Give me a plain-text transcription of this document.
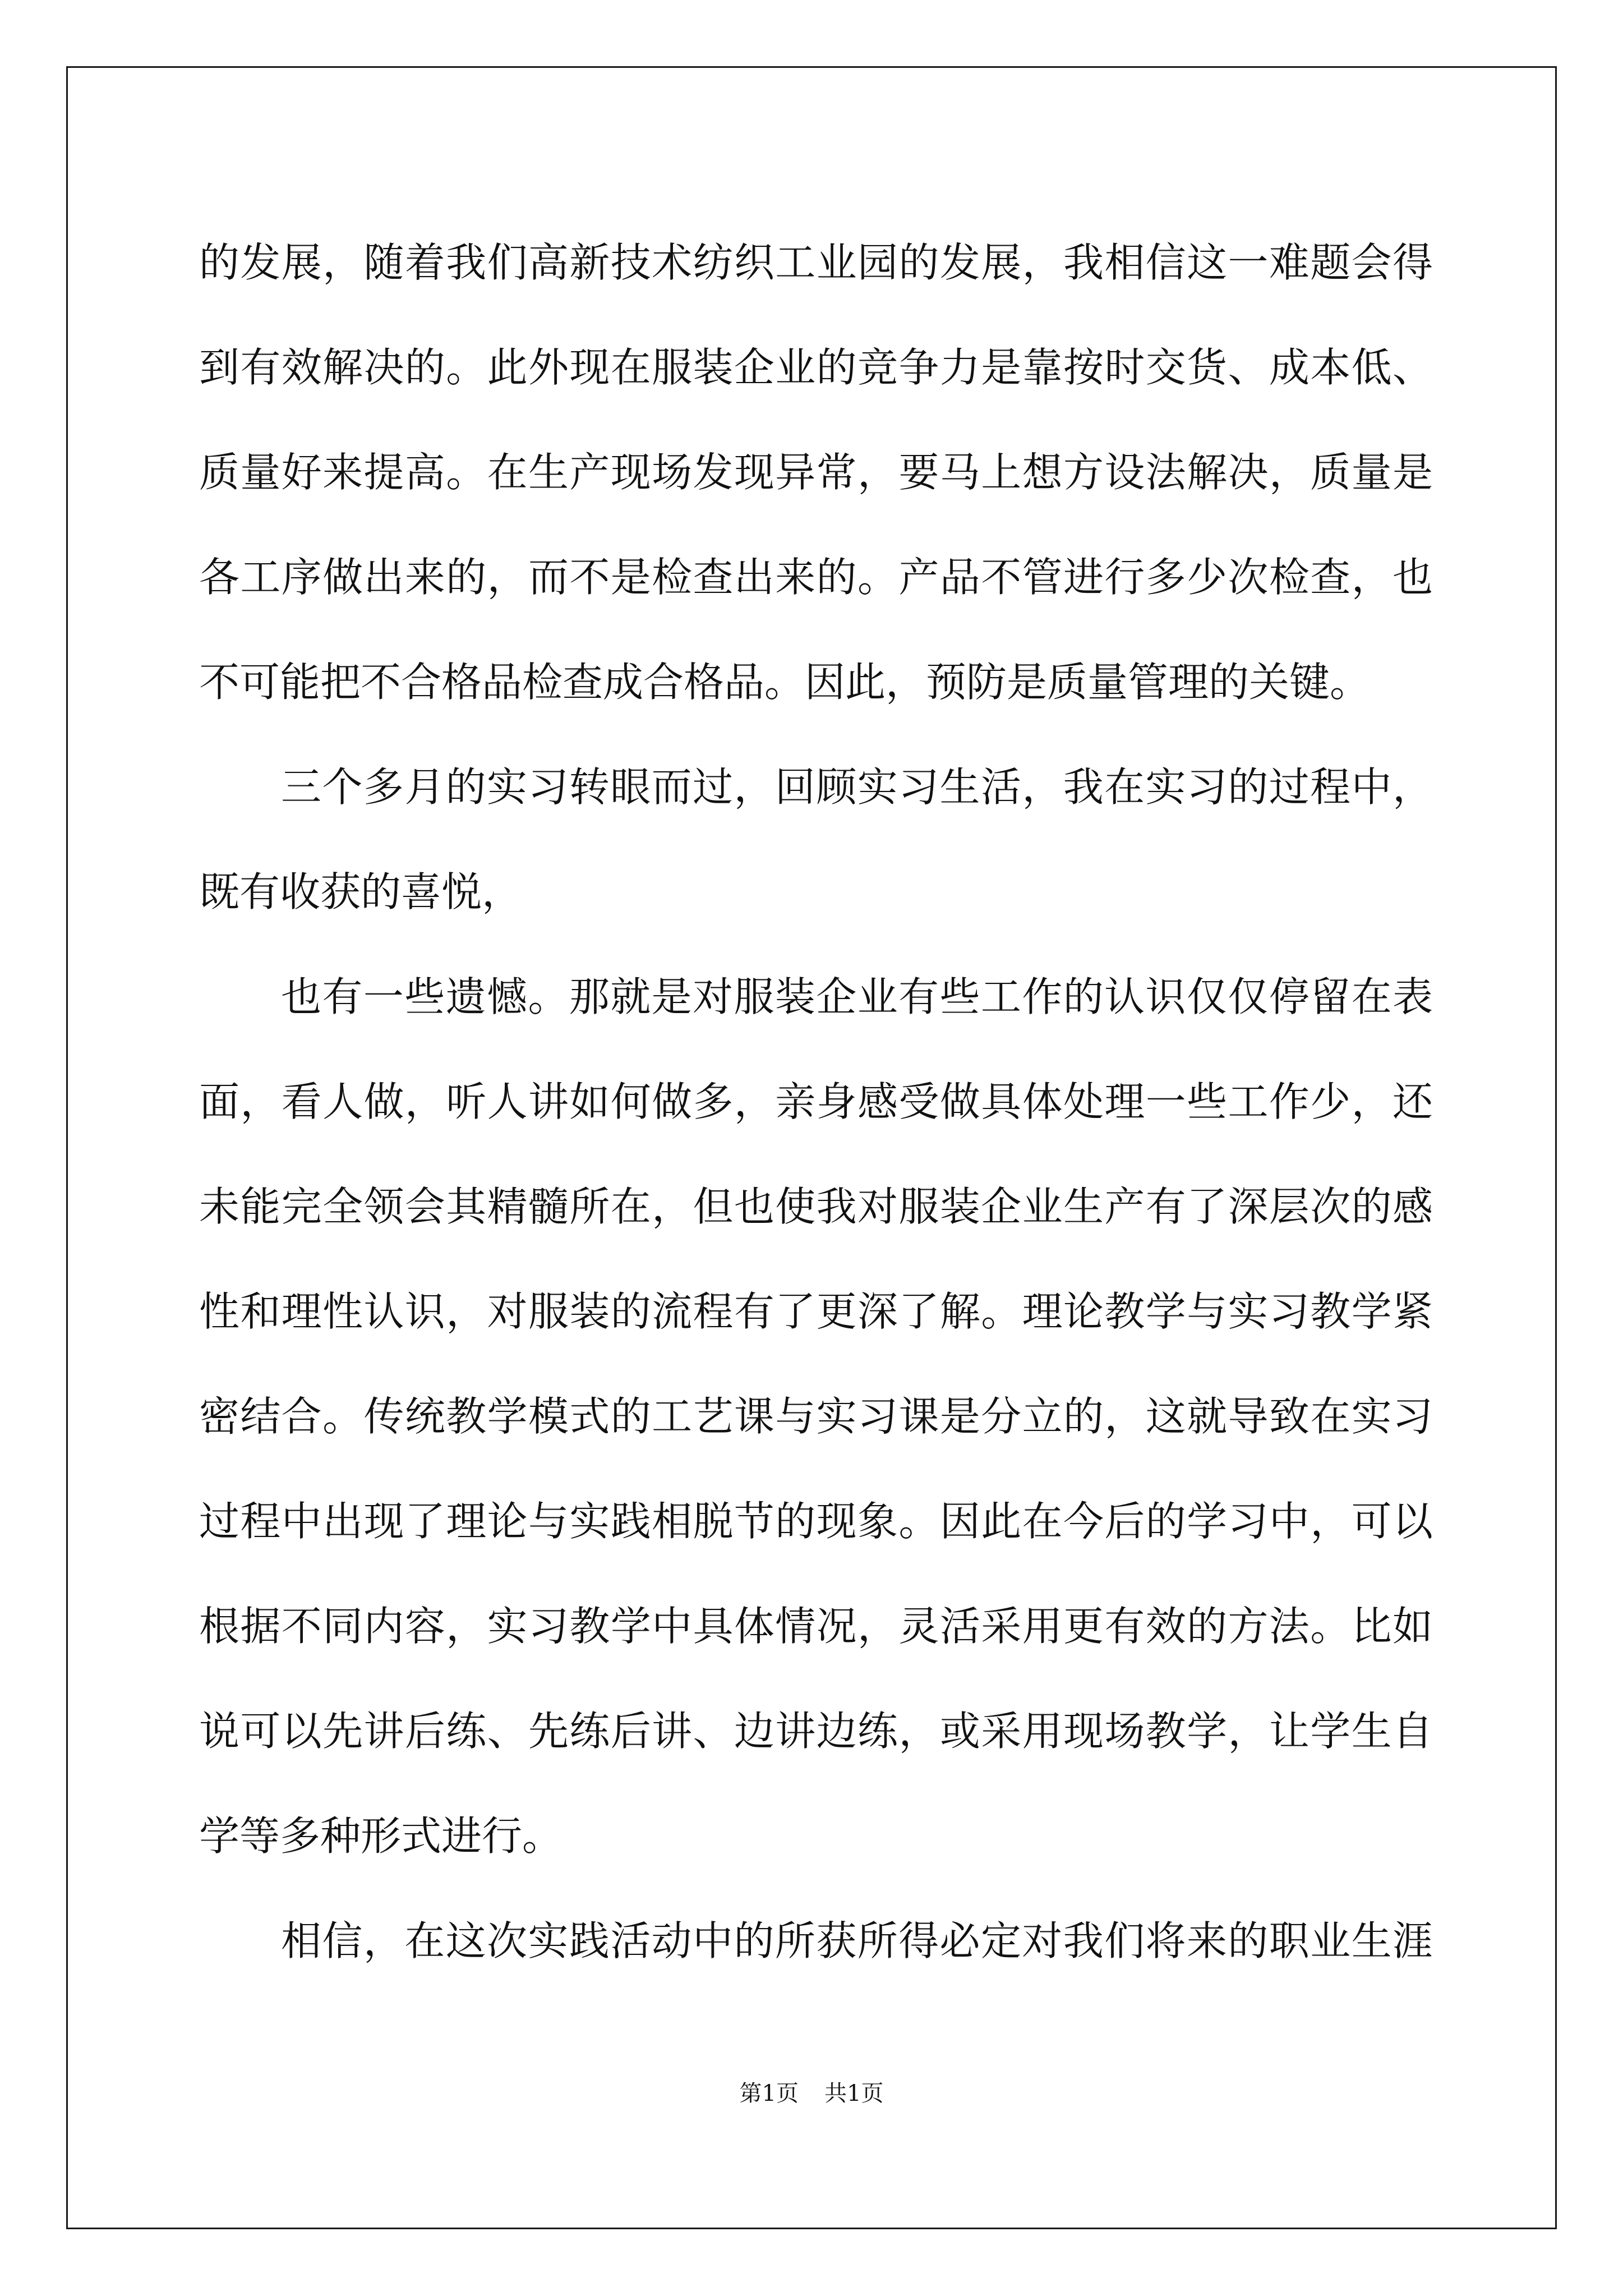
的发展，随着我们高新技术纺织工业园的发展，我相信这一难题会得
到有效解决的。此外现在服装企业的竞争力是靠按时交货、成本低、
质量好来提高。在生产现场发现异常，要马上想方设法解决，质量是
各工序做出来的，而不是检查出来的。产品不管进行多少次检查，也
不可能把不合格品检查成合格品。因此，预防是质量管理的关键。
三个多月的实习转眼而过，回顾实习生活，我在实习的过程中，
既有收获的喜悦，
也有一些遗憾。那就是对服装企业有些工作的认识仅仅停留在表
面，看人做，听人讲如何做多，亲身感受做具体处理一些工作少，还
未能完全领会其精髓所在，但也使我对服装企业生产有了深层次的感
性和理性认识，对服装的流程有了更深了解。理论教学与实习教学紧
密结合。传统教学模式的工艺课与实习课是分立的，这就导致在实习
过程中出现了理论与实践相脱节的现象。因此在今后的学习中，可以
根据不同内容，实习教学中具体情况，灵活采用更有效的方法。比如
说可以先讲后练、先练后讲、边讲边练，或采用现场教学，让学生自
学等多种形式进行。
相信，在这次实践活动中的所获所得必定对我们将来的职业生涯
第1页 共1页
